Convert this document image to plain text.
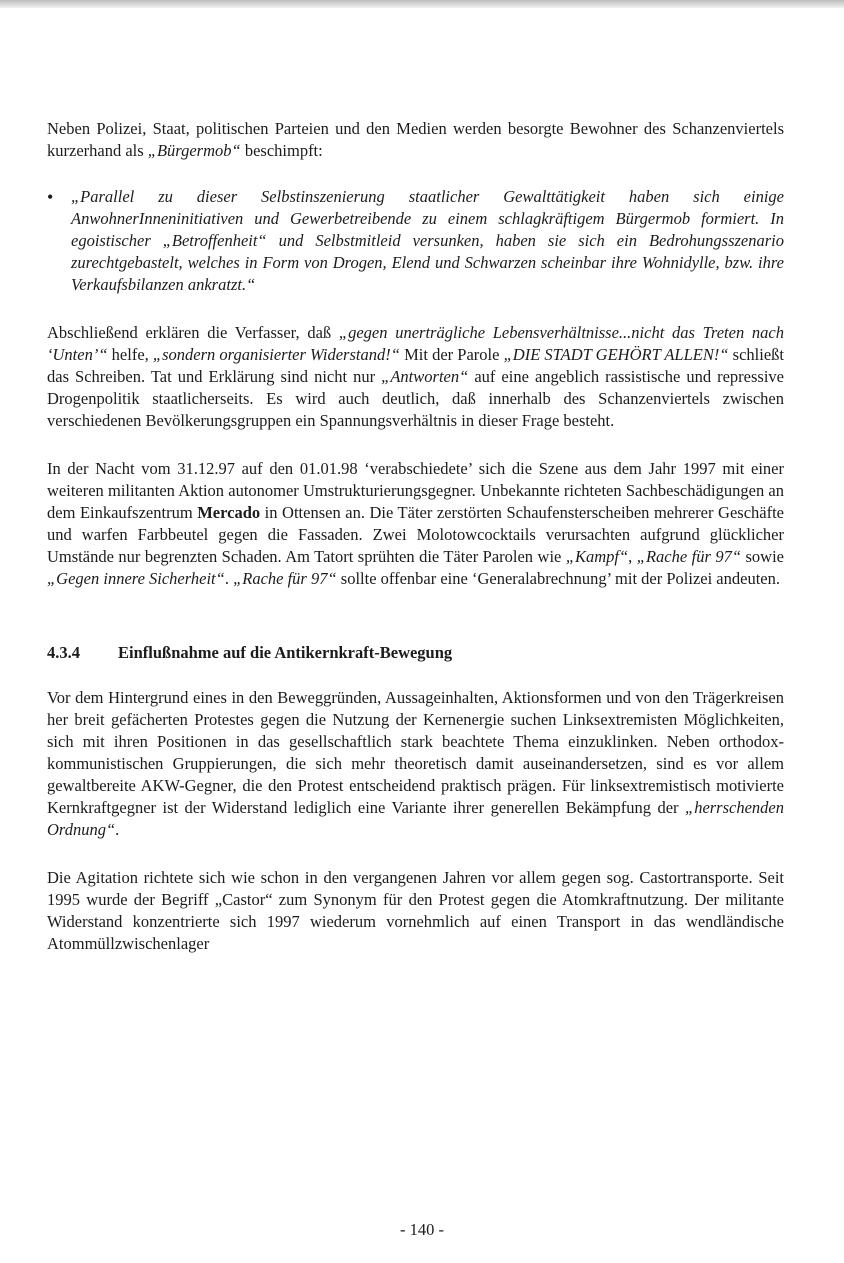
Neben Polizei, Staat, politischen Parteien und den Medien werden besorgte Bewohner des Schanzenviertels kurzerhand als „Bürgermob“ beschimpft:

•	„Parallel zu dieser Selbstinszenierung staatlicher Gewalttätigkeit haben sich einige AnwohnerInneninitiativen und Gewerbetreibende zu einem schlagkräftigem Bürgermob formiert. In egoistischer „Betroffenheit“ und Selbstmitleid versunken, haben sie sich ein Bedrohungsszenario zurechtgebastelt, welches in Form von Drogen, Elend und Schwarzen scheinbar ihre Wohnidylle, bzw. ihre Verkaufsbilanzen ankratzt.“

Abschließend erklären die Verfasser, daß „gegen unerträgliche Lebensverhältnisse...nicht das Treten nach ‘Unten’“ helfe, „sondern organisierter Widerstand!“ Mit der Parole „DIE STADT GEHÖRT ALLEN!“ schließt das Schreiben. Tat und Erklärung sind nicht nur „Antworten“ auf eine angeblich rassistische und repressive Drogenpolitik staatlicherseits. Es wird auch deutlich, daß innerhalb des Schanzenviertels zwischen verschiedenen Bevölkerungsgruppen ein Spannungsverhältnis in dieser Frage besteht.

In der Nacht vom 31.12.97 auf den 01.01.98 ‘verabschiedete’ sich die Szene aus dem Jahr 1997 mit einer weiteren militanten Aktion autonomer Umstrukturierungsgegner. Unbekannte richteten Sachbeschädigungen an dem Einkaufszentrum Mercado in Ottensen an. Die Täter zerstörten Schaufensterscheiben mehrerer Geschäfte und warfen Farbbeutel gegen die Fassaden. Zwei Molotowcocktails verursachten aufgrund glücklicher Umstände nur begrenzten Schaden. Am Tatort sprühten die Täter Parolen wie „Kampf“, „Rache für 97“ sowie „Gegen innere Sicherheit“. „Rache für 97“ sollte offenbar eine ‘Generalabrechnung’ mit der Polizei andeuten.

4.3.4	Einflußnahme auf die Antikernkraft-Bewegung

Vor dem Hintergrund eines in den Beweggründen, Aussageinhalten, Aktionsformen und von den Trägerkreisen her breit gefächerten Protestes gegen die Nutzung der Kernenergie suchen Linksextremisten Möglichkeiten, sich mit ihren Positionen in das gesellschaftlich stark beachtete Thema einzuklinken. Neben orthodox-kommunistischen Gruppierungen, die sich mehr theoretisch damit auseinandersetzen, sind es vor allem gewaltbereite AKW-Gegner, die den Protest entscheidend praktisch prägen. Für linksextremistisch motivierte Kernkraftgegner ist der Widerstand lediglich eine Variante ihrer generellen Bekämpfung der „herrschenden Ordnung“.

Die Agitation richtete sich wie schon in den vergangenen Jahren vor allem gegen sog. Castortransporte. Seit 1995 wurde der Begriff „Castor“ zum Synonym für den Protest gegen die Atomkraftnutzung. Der militante Widerstand konzentrierte sich 1997 wiederum vornehmlich auf einen Transport in das wendländische Atommüllzwischenlager

- 140 -
